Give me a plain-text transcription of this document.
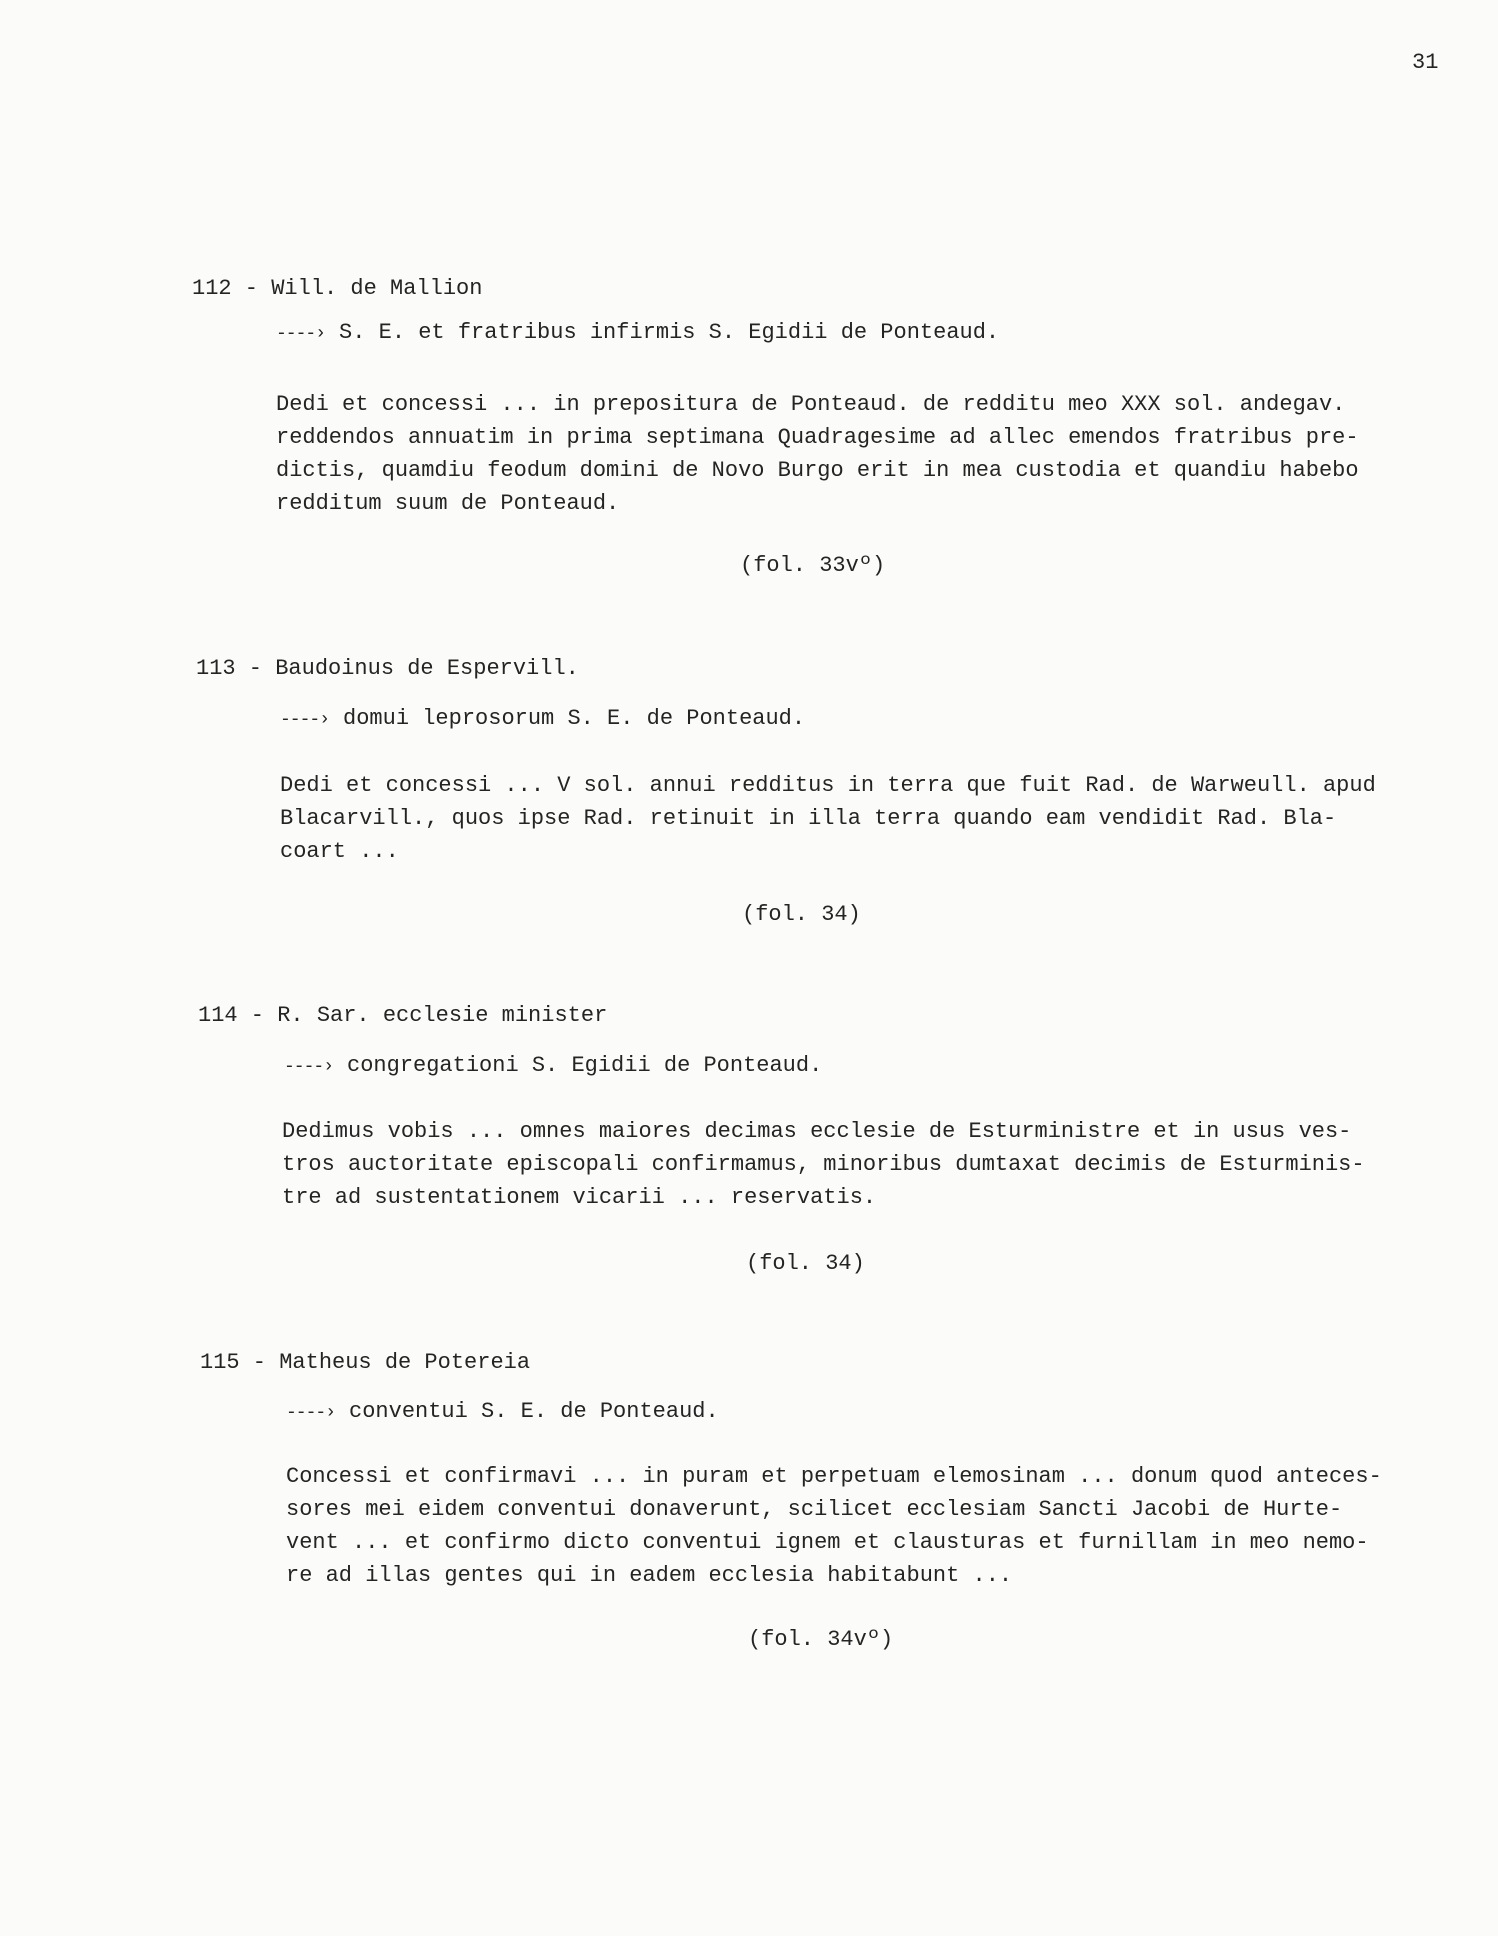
31
112 - Will. de Mallion
----› S. E. et fratribus infirmis S. Egidii de Ponteaud.
Dedi et concessi ... in prepositura de Ponteaud. de redditu meo XXX sol. andegav.
reddendos annuatim in prima septimana Quadragesime ad allec emendos fratribus pre-
dictis, quamdiu feodum domini de Novo Burgo erit in mea custodia et quandiu habebo
redditum suum de Ponteaud.
(fol. 33vº)
113 - Baudoinus de Espervill.
----› domui leprosorum S. E. de Ponteaud.
Dedi et concessi ... V sol. annui redditus in terra que fuit Rad. de Warweull. apud
Blacarvill., quos ipse Rad. retinuit in illa terra quando eam vendidit Rad. Bla-
coart ...
(fol. 34)
114 - R. Sar. ecclesie minister
----› congregationi S. Egidii de Ponteaud.
Dedimus vobis ... omnes maiores decimas ecclesie de Esturministre et in usus ves-
tros auctoritate episcopali confirmamus, minoribus dumtaxat decimis de Esturminis-
tre ad sustentationem vicarii ... reservatis.
(fol. 34)
115 - Matheus de Potereia
----› conventui S. E. de Ponteaud.
Concessi et confirmavi ... in puram et perpetuam elemosinam ... donum quod anteces-
sores mei eidem conventui donaverunt, scilicet ecclesiam Sancti Jacobi de Hurte-
vent ... et confirmo dicto conventui ignem et clausturas et furnillam in meo nemo-
re ad illas gentes qui in eadem ecclesia habitabunt ...
(fol. 34vº)
